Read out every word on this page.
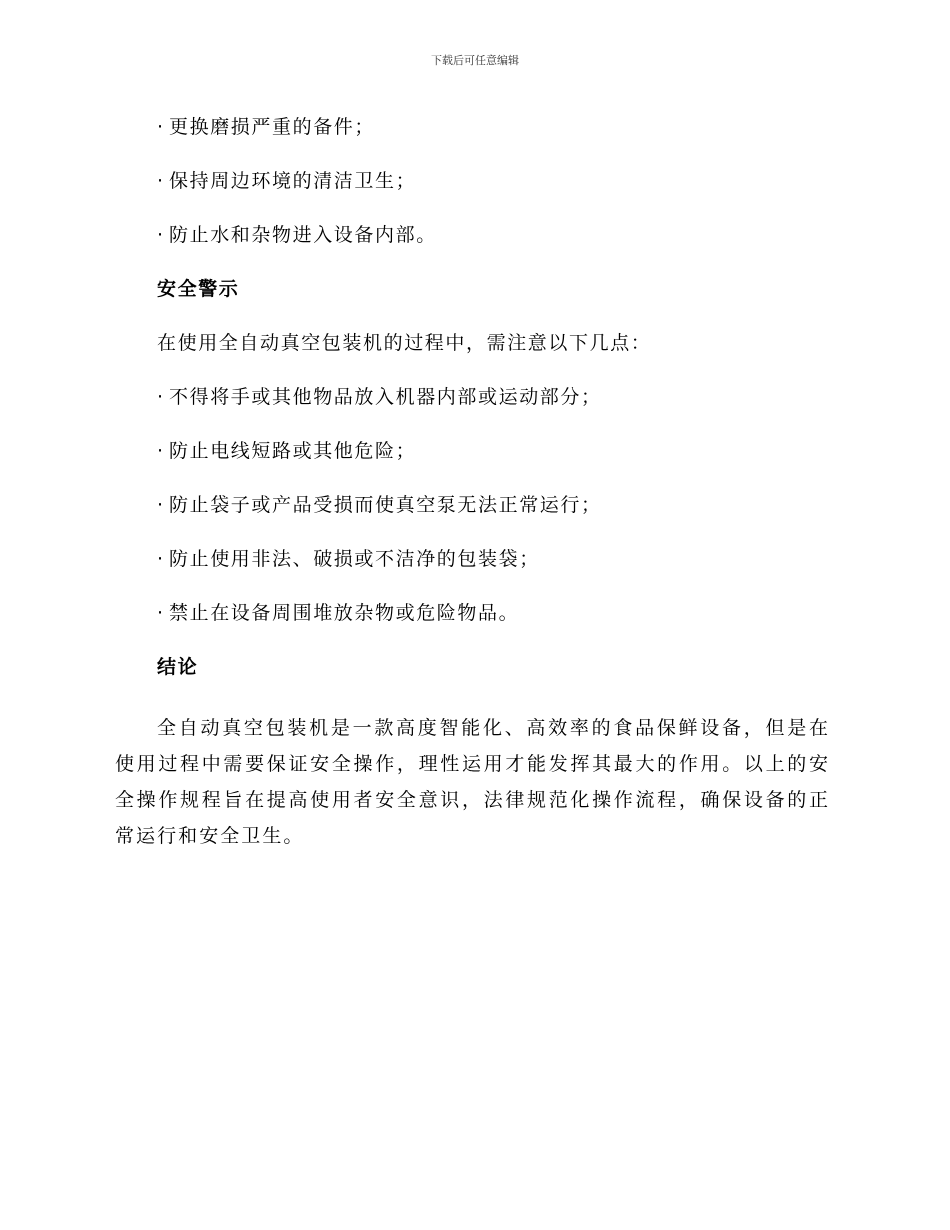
下载后可任意编辑
· 更换磨损严重的备件；
· 保持周边环境的清洁卫生；
· 防止水和杂物进入设备内部。
安全警示
在使用全自动真空包装机的过程中，需注意以下几点：
· 不得将手或其他物品放入机器内部或运动部分；
· 防止电线短路或其他危险；
· 防止袋子或产品受损而使真空泵无法正常运行；
· 防止使用非法、破损或不洁净的包装袋；
· 禁止在设备周围堆放杂物或危险物品。
结论
全自动真空包装机是一款高度智能化、高效率的食品保鲜设备，但是在使用过程中需要保证安全操作，理性运用才能发挥其最大的作用。以上的安全操作规程旨在提高使用者安全意识，法律规范化操作流程，确保设备的正常运行和安全卫生。
